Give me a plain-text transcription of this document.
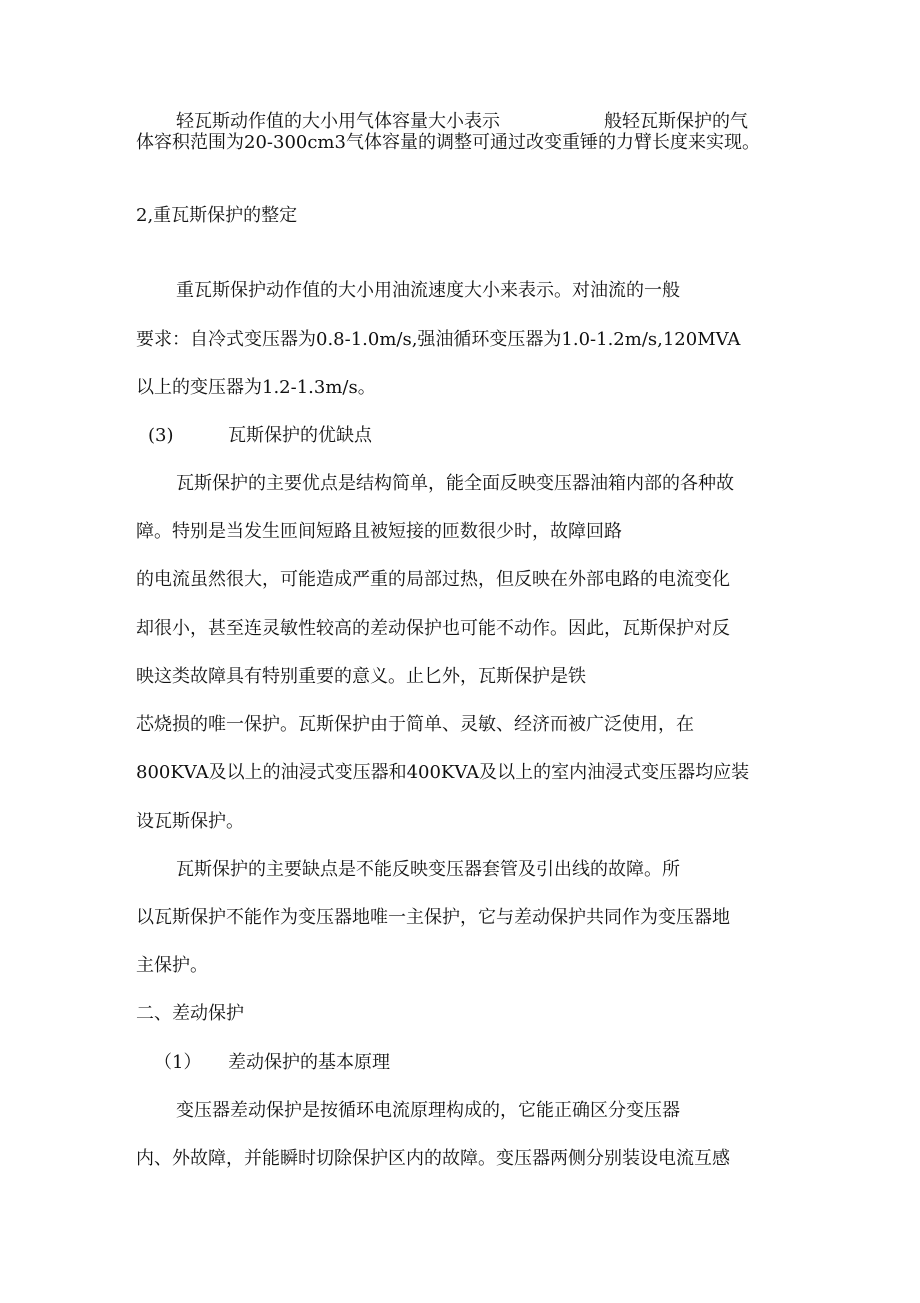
轻瓦斯动作值的大小用气体容量大小表示	般轻瓦斯保护的气
体容积范围为20-300cm3气体容量的调整可通过改变重锤的力臂长度来实现。
2,重瓦斯保护的整定
重瓦斯保护动作值的大小用油流速度大小来表示。对油流的一般
要求：自冷式变压器为0.8-1.0m/s,强油循环变压器为1.0-1.2m/s,120MVA
以上的变压器为1.2-1.3m/s。
(3)	瓦斯保护的优缺点
瓦斯保护的主要优点是结构简单，能全面反映变压器油箱内部的各种故
障。特别是当发生匝间短路且被短接的匝数很少时，故障回路
的电流虽然很大，可能造成严重的局部过热，但反映在外部电路的电流变化
却很小，甚至连灵敏性较高的差动保护也可能不动作。因此，瓦斯保护对反
映这类故障具有特别重要的意义。止匕外，瓦斯保护是铁
芯烧损的唯一保护。瓦斯保护由于简单、灵敏、经济而被广泛使用，在
800KVA及以上的油浸式变压器和400KVA及以上的室内油浸式变压器均应装
设瓦斯保护。
瓦斯保护的主要缺点是不能反映变压器套管及引出线的故障。所
以瓦斯保护不能作为变压器地唯一主保护，它与差动保护共同作为变压器地
主保护。
二、差动保护
（1） 差动保护的基本原理
变压器差动保护是按循环电流原理构成的，它能正确区分变压器
内、外故障，并能瞬时切除保护区内的故障。变压器两侧分别装设电流互感
